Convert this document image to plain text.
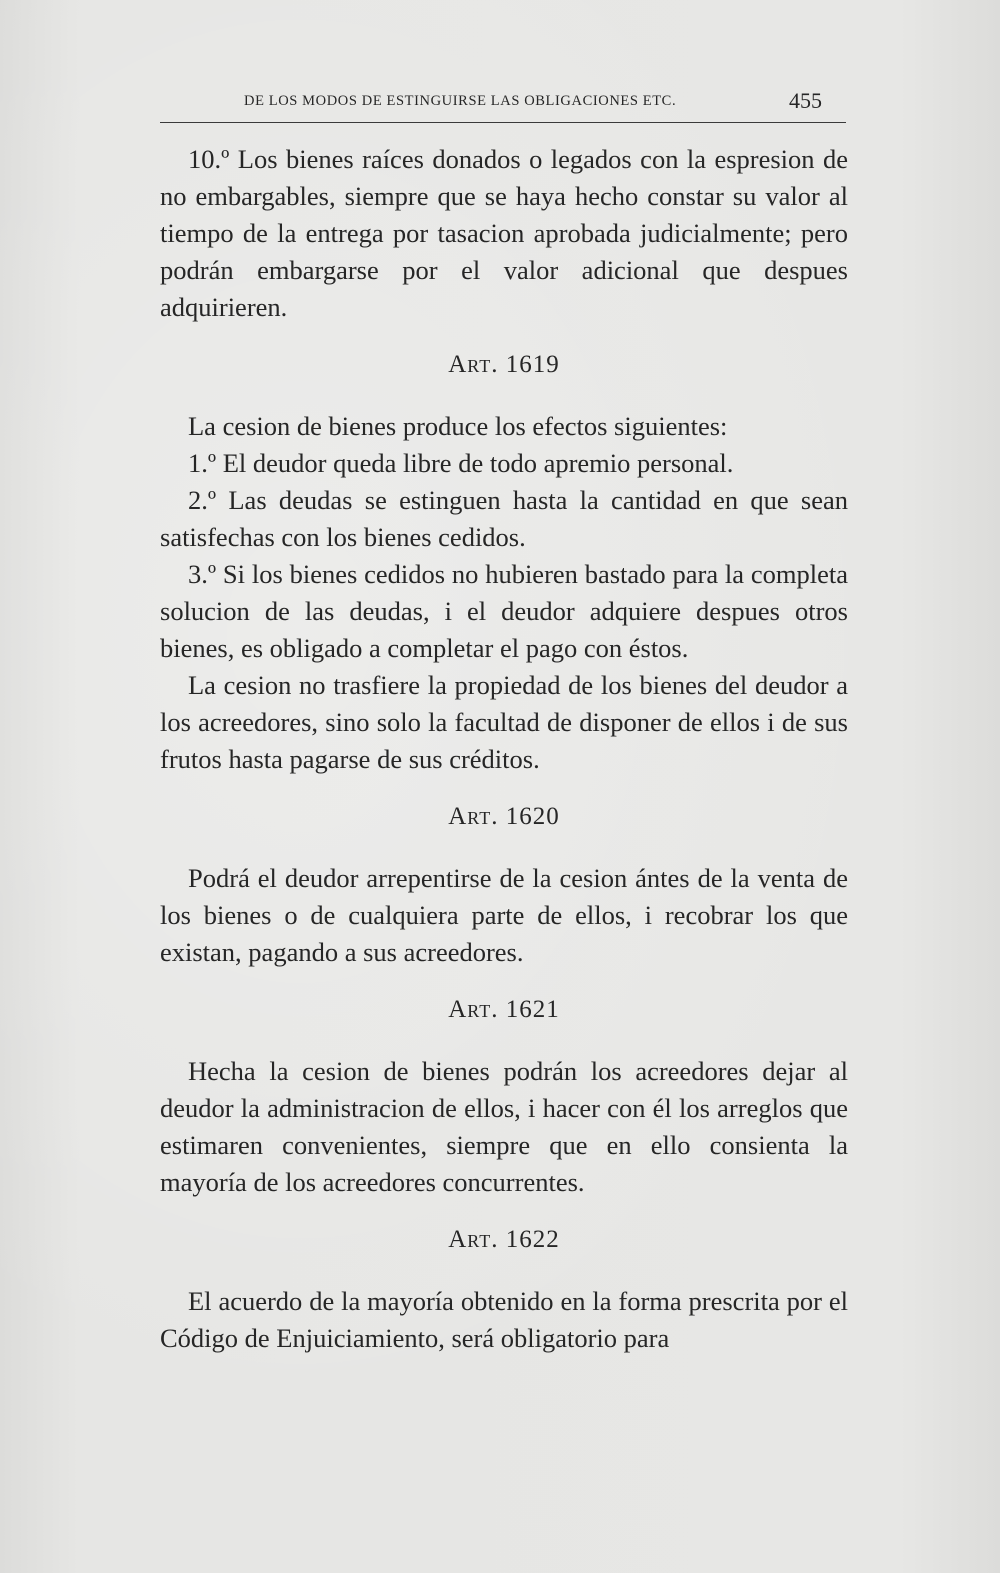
DE LOS MODOS DE ESTINGUIRSE LAS OBLIGACIONES ETC.	455

10.º Los bienes raíces donados o legados con la espresion de no embargables, siempre que se haya hecho constar su valor al tiempo de la entrega por tasacion aprobada judicialmente; pero podrán embargarse por el valor adicional que despues adquirieren.

Art. 1619

La cesion de bienes produce los efectos siguientes:

1.º El deudor queda libre de todo apremio personal.

2.º Las deudas se estinguen hasta la cantidad en que sean satisfechas con los bienes cedidos.

3.º Si los bienes cedidos no hubieren bastado para la completa solucion de las deudas, i el deudor adquiere despues otros bienes, es obligado a completar el pago con éstos.

La cesion no trasfiere la propiedad de los bienes del deudor a los acreedores, sino solo la facultad de disponer de ellos i de sus frutos hasta pagarse de sus créditos.

Art. 1620

Podrá el deudor arrepentirse de la cesion ántes de la venta de los bienes o de cualquiera parte de ellos, i recobrar los que existan, pagando a sus acreedores.

Art. 1621

Hecha la cesion de bienes podrán los acreedores dejar al deudor la administracion de ellos, i hacer con él los arreglos que estimaren convenientes, siempre que en ello consienta la mayoría de los acreedores concurrentes.

Art. 1622

El acuerdo de la mayoría obtenido en la forma prescrita por el Código de Enjuiciamiento, será obligatorio para
